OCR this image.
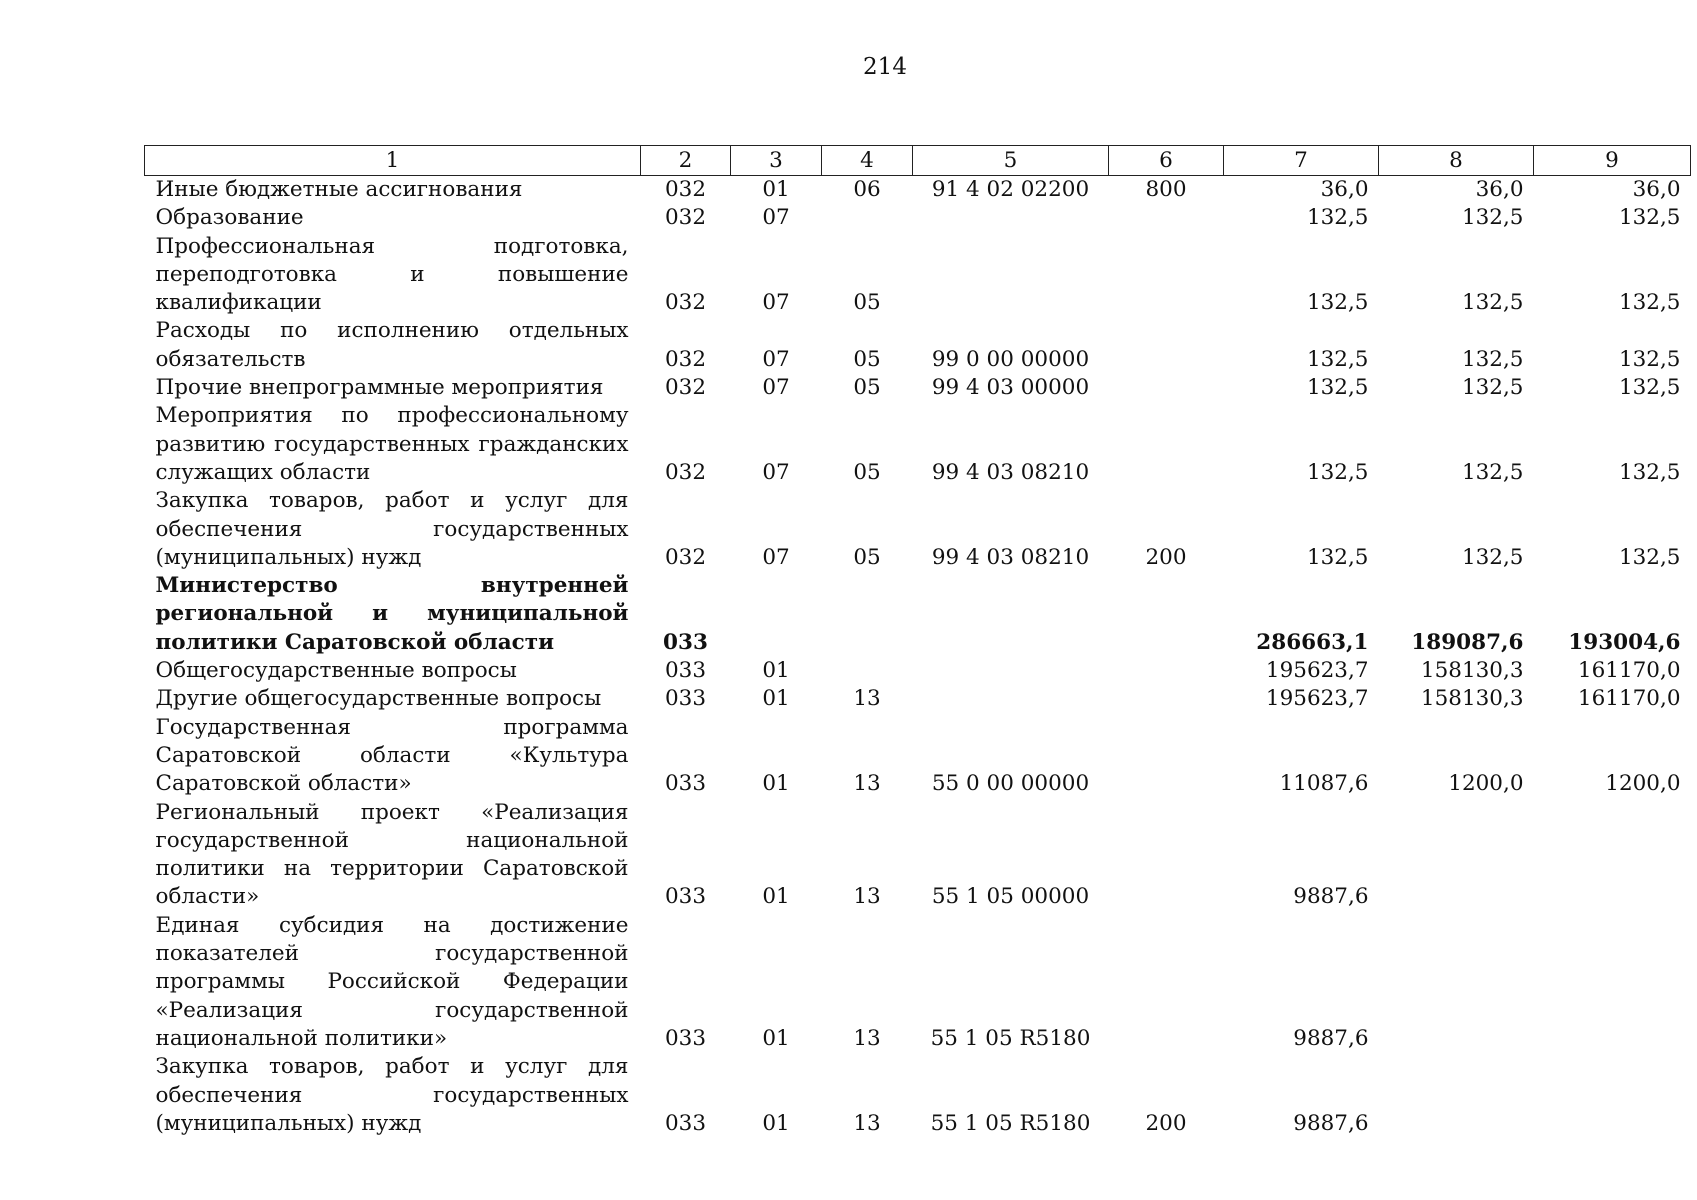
214
1	2	3	4	5	6	7	8	9

Иные бюджетные ассигнования	032	01	06	91 4 02 02200	800	36,0	36,0	36,0

Образование	032	07				132,5	132,5	132,5

Профессиональная подготовка, переподготовка и повышение квалификации	032	07	05			132,5	132,5	132,5

Расходы по исполнению отдельных обязательств	032	07	05	99 0 00 00000		132,5	132,5	132,5

Прочие внепрограммные мероприятия	032	07	05	99 4 03 00000		132,5	132,5	132,5

Мероприятия по профессиональному развитию государственных гражданских служащих области	032	07	05	99 4 03 08210		132,5	132,5	132,5

Закупка товаров, работ и услуг для обеспечения государственных (муниципальных) нужд	032	07	05	99 4 03 08210	200	132,5	132,5	132,5

Министерство внутренней региональной и муниципальной политики Саратовской области	033					286663,1	189087,6	193004,6

Общегосударственные вопросы	033	01				195623,7	158130,3	161170,0

Другие общегосударственные вопросы	033	01	13			195623,7	158130,3	161170,0

Государственная программа Саратовской области «Культура Саратовской области»	033	01	13	55 0 00 00000		11087,6	1200,0	1200,0

Региональный проект «Реализация государственной национальной политики на территории Саратовской области»	033	01	13	55 1 05 00000		9887,6		

Единая субсидия на достижение показателей государственной программы Российской Федерации «Реализация государственной национальной политики»	033	01	13	55 1 05 R5180		9887,6		

Закупка товаров, работ и услуг для обеспечения государственных (муниципальных) нужд	033	01	13	55 1 05 R5180	200	9887,6		
